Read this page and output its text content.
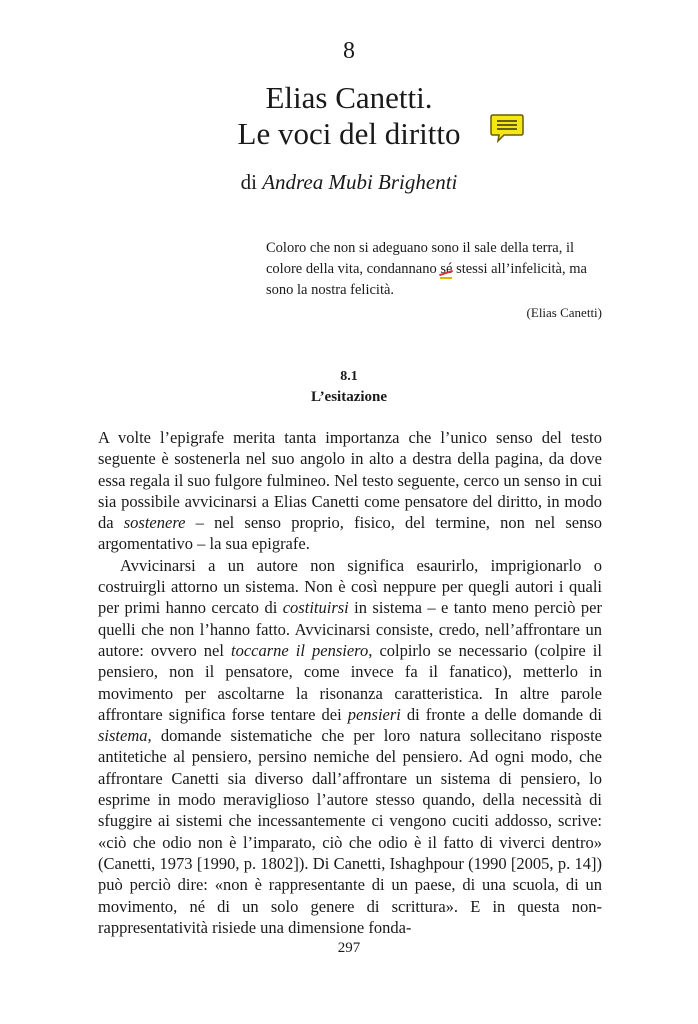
8
Elias Canetti.
Le voci del diritto
di Andrea Mubi Brighenti
Coloro che non si adeguano sono il sale della terra, il colore della vita, condannano sé stessi all’infelicità, ma sono la nostra felicità.
(Elias Canetti)
8.1
L’esitazione

A volte l’epigrafe merita tanta importanza che l’unico senso del testo seguente è sostenerla nel suo angolo in alto a destra della pagina, da dove essa regala il suo fulgore fulmineo. Nel testo seguente, cerco un senso in cui sia possibile avvicinarsi a Elias Canetti come pensatore del diritto, in modo da sostenere – nel senso proprio, fisico, del termine, non nel senso argomentativo – la sua epigrafe.

Avvicinarsi a un autore non significa esaurirlo, imprigionarlo o costruirgli attorno un sistema. Non è così neppure per quegli autori i quali per primi hanno cercato di costituirsi in sistema – e tanto meno perciò per quelli che non l’hanno fatto. Avvicinarsi consiste, credo, nell’affrontare un autore: ovvero nel toccarne il pensiero, colpirlo se necessario (colpire il pensiero, non il pensatore, come invece fa il fanatico), metterlo in movimento per ascoltarne la risonanza caratteristica. In altre parole affrontare significa forse tentare dei pensieri di fronte a delle domande di sistema, domande sistematiche che per loro natura sollecitano risposte antitetiche al pensiero, persino nemiche del pensiero. Ad ogni modo, che affrontare Canetti sia diverso dall’affrontare un sistema di pensiero, lo esprime in modo meraviglioso l’autore stesso quando, della necessità di sfuggire ai sistemi che incessantemente ci vengono cuciti addosso, scrive: «ciò che odio non è l’imparato, ciò che odio è il fatto di viverci dentro» (Canetti, 1973 [1990, p. 1802]). Di Canetti, Ishaghpour (1990 [2005, p. 14]) può perciò dire: «non è rappresentante di un paese, di una scuola, di un movimento, né di un solo genere di scrittura». E in questa non-rappresentatività risiede una dimensione fonda-

297
